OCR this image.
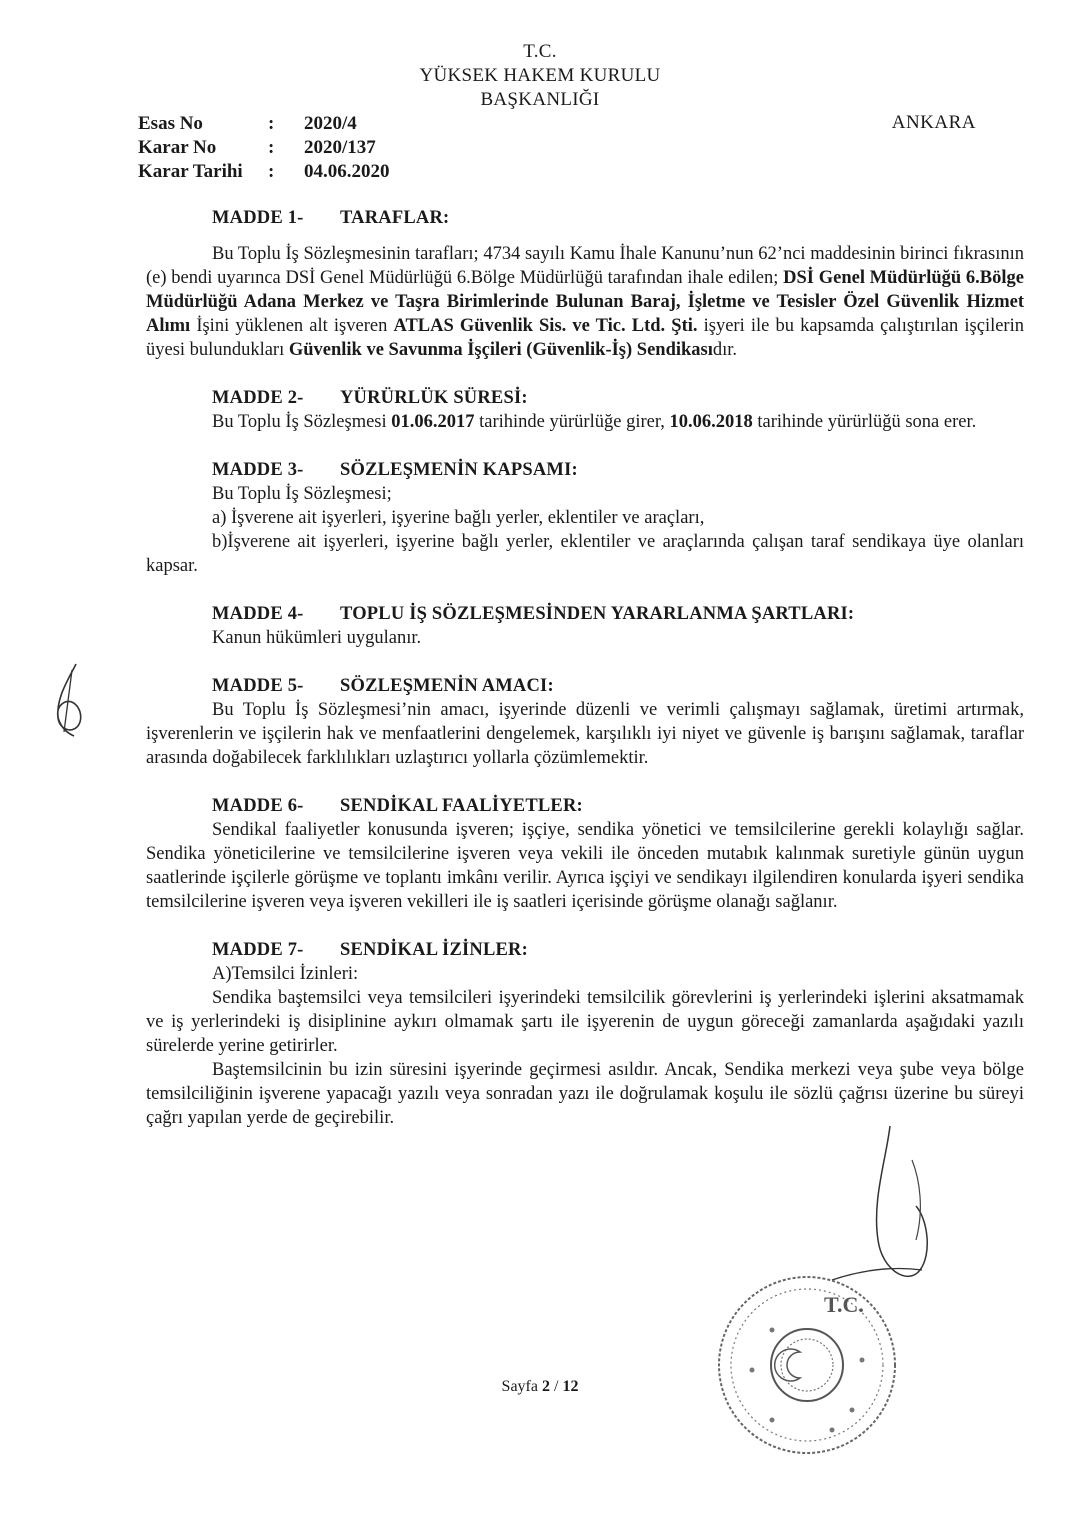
T.C.
YÜKSEK HAKEM KURULU
BAŞKANLIĞI
ANKARA
Esas No	:	2020/4
Karar No	:	2020/137
Karar Tarihi	:	04.06.2020

MADDE 1- TARAFLAR:

Bu Toplu İş Sözleşmesinin tarafları; 4734 sayılı Kamu İhale Kanunu’nun 62’nci maddesinin birinci fıkrasının (e) bendi uyarınca DSİ Genel Müdürlüğü 6.Bölge Müdürlüğü tarafından ihale edilen; DSİ Genel Müdürlüğü 6.Bölge Müdürlüğü Adana Merkez ve Taşra Birimlerinde Bulunan Baraj, İşletme ve Tesisler Özel Güvenlik Hizmet Alımı İşini yüklenen alt işveren ATLAS Güvenlik Sis. ve Tic. Ltd. Şti. işyeri ile bu kapsamda çalıştırılan işçilerin üyesi bulundukları Güvenlik ve Savunma İşçileri (Güvenlik-İş) Sendikasıdır.

MADDE 2- YÜRÜRLÜK SÜRESİ:

Bu Toplu İş Sözleşmesi 01.06.2017 tarihinde yürürlüğe girer, 10.06.2018 tarihinde yürürlüğü sona erer.

MADDE 3- SÖZLEŞMENİN KAPSAMI:

Bu Toplu İş Sözleşmesi;

a) İşverene ait işyerleri, işyerine bağlı yerler, eklentiler ve araçları,

b)İşverene ait işyerleri, işyerine bağlı yerler, eklentiler ve araçlarında çalışan taraf sendikaya üye olanları kapsar.

MADDE 4- TOPLU İŞ SÖZLEŞMESİNDEN YARARLANMA ŞARTLARI:

Kanun hükümleri uygulanır.

MADDE 5- SÖZLEŞMENİN AMACI:

Bu Toplu İş Sözleşmesi’nin amacı, işyerinde düzenli ve verimli çalışmayı sağlamak, üretimi artırmak, işverenlerin ve işçilerin hak ve menfaatlerini dengelemek, karşılıklı iyi niyet ve güvenle iş barışını sağlamak, taraflar arasında doğabilecek farklılıkları uzlaştırıcı yollarla çözümlemektir.

MADDE 6- SENDİKAL FAALİYETLER:

Sendikal faaliyetler konusunda işveren; işçiye, sendika yönetici ve temsilcilerine gerekli kolaylığı sağlar. Sendika yöneticilerine ve temsilcilerine işveren veya vekili ile önceden mutabık kalınmak suretiyle günün uygun saatlerinde işçilerle görüşme ve toplantı imkânı verilir. Ayrıca işçiyi ve sendikayı ilgilendiren konularda işyeri sendika temsilcilerine işveren veya işveren vekilleri ile iş saatleri içerisinde görüşme olanağı sağlanır.

MADDE 7- SENDİKAL İZİNLER:

A)Temsilci İzinleri:

Sendika baştemsilci veya temsilcileri işyerindeki temsilcilik görevlerini iş yerlerindeki işlerini aksatmamak ve iş yerlerindeki iş disiplinine aykırı olmamak şartı ile işyerenin de uygun göreceği zamanlarda aşağıdaki yazılı sürelerde yerine getirirler.

Baştemsilcinin bu izin süresini işyerinde geçirmesi asıldır. Ancak, Sendika merkezi veya şube veya bölge temsilciliğinin işverene yapacağı yazılı veya sonradan yazı ile doğrulamak koşulu ile sözlü çağrısı üzerine bu süreyi çağrı yapılan yerde de geçirebilir.

T.C.
Sayfa 2 / 12
